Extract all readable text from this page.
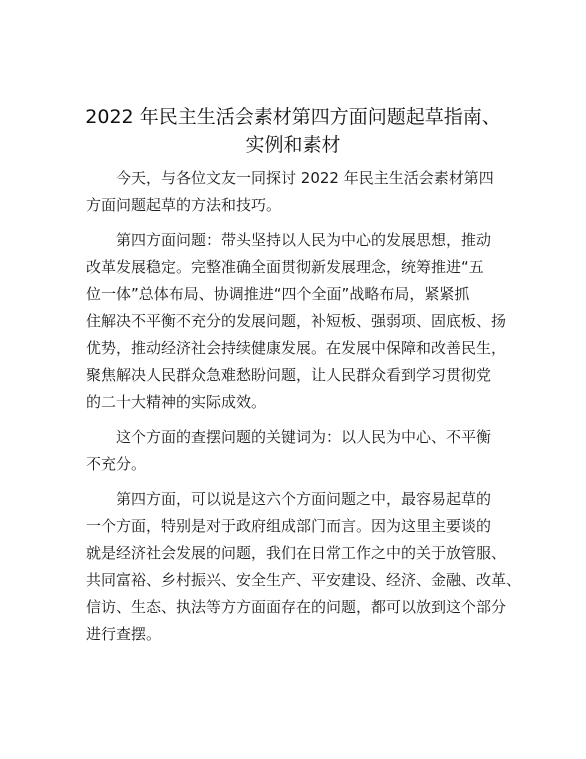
2022 年民主生活会素材第四方面问题起草指南、
实例和素材
今天，与各位文友一同探讨 2022 年民主生活会素材第四
方面问题起草的方法和技巧。
第四方面问题：带头坚持以人民为中心的发展思想，推动
改革发展稳定。完整准确全面贯彻新发展理念，统筹推进“五
位一体”总体布局、协调推进“四个全面”战略布局，紧紧抓
住解决不平衡不充分的发展问题，补短板、强弱项、固底板、扬
优势，推动经济社会持续健康发展。在发展中保障和改善民生，
聚焦解决人民群众急难愁盼问题，让人民群众看到学习贯彻党
的二十大精神的实际成效。
这个方面的查摆问题的关键词为：以人民为中心、不平衡
不充分。
第四方面，可以说是这六个方面问题之中，最容易起草的
一个方面，特别是对于政府组成部门而言。因为这里主要谈的
就是经济社会发展的问题，我们在日常工作之中的关于放管服、
共同富裕、乡村振兴、安全生产、平安建设、经济、金融、改革、
信访、生态、执法等方方面面存在的问题，都可以放到这个部分
进行查摆。
